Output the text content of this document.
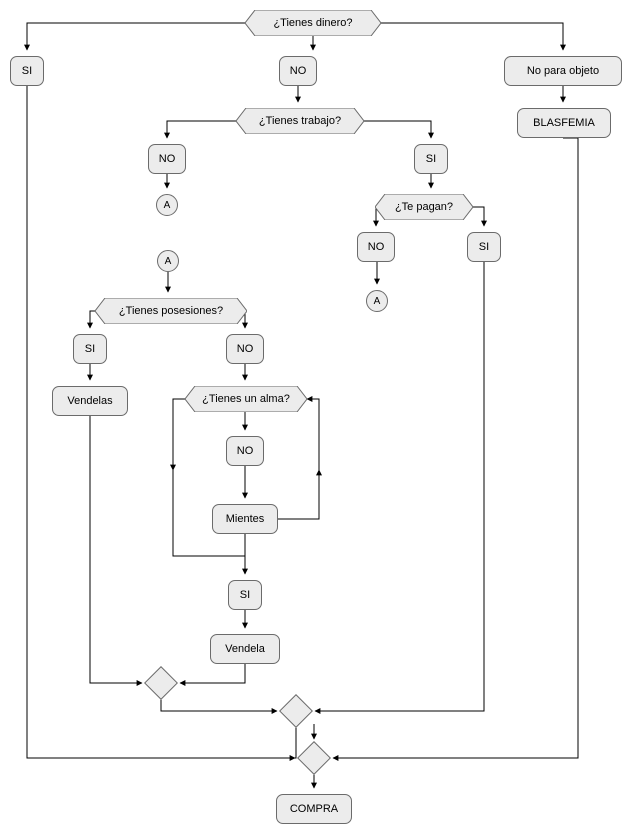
¿Tienes dinero?
SI	NO	No para objeto
BLASFEMIA
¿Tienes trabajo?
NO	SI
A	¿Te pagan?
NO	SI
A
A
¿Tienes posesiones?
SI	NO
Vendelas	¿Tienes un alma?
NO
Mientes
SI
Vendela
COMPRA
